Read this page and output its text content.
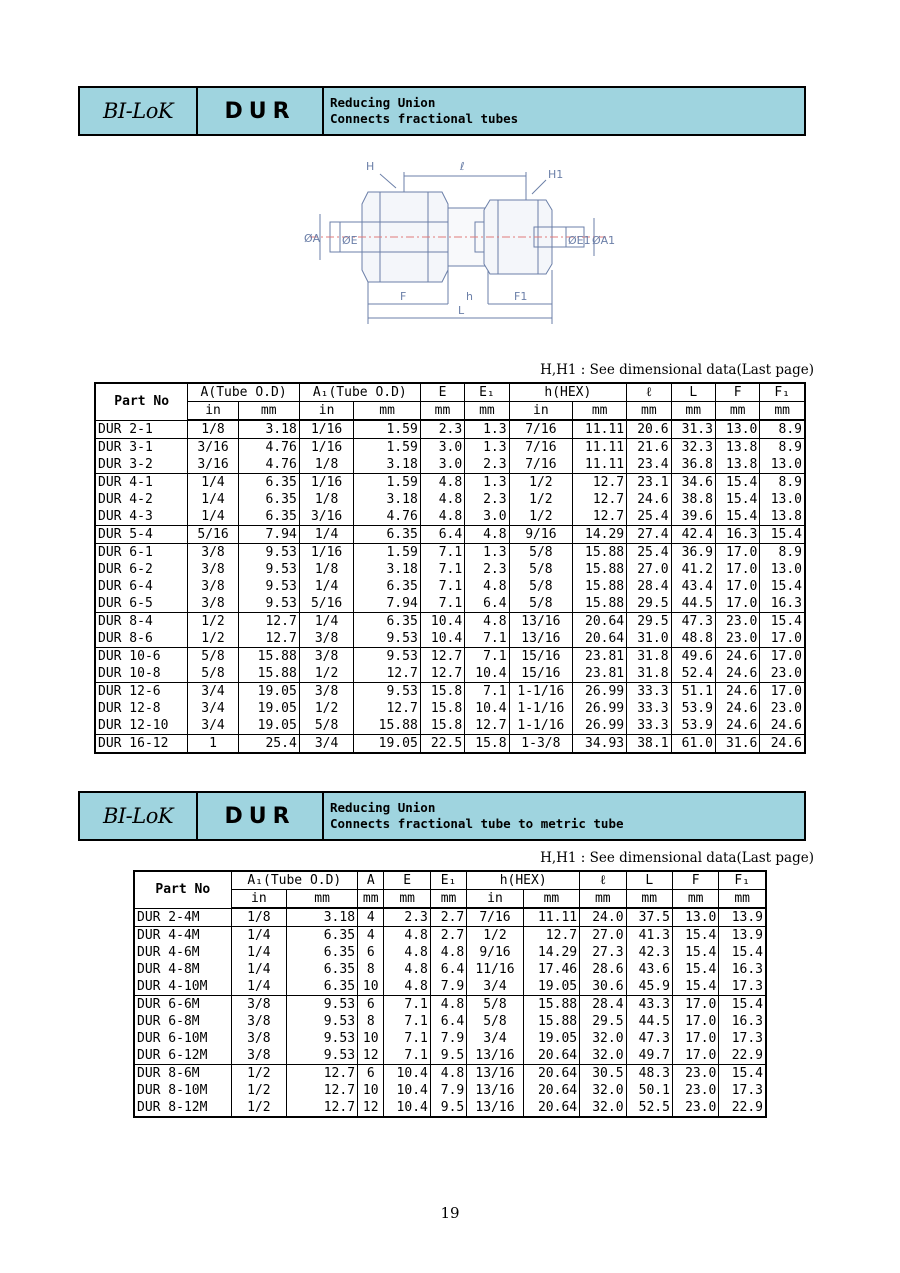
BI-LoK	DUR	Reducing Union
Connects fractional tubes
H	ℓ
H1
ØA ØE	ØE1 ØA1
F	h	F1
L
H,H1 : See dimensional data(Last page)
Part No	A(Tube O.D)		A₁(Tube O.D)		E	E₁	h(HEX)		ℓ	L	F	F₁
	in	mm	in	mm	mm	mm	in	mm	mm	mm	mm	mm
DUR 2-1	1/8	3.18	1/16	1.59	2.3	1.3	7/16	11.11	20.6	31.3	13.0	8.9
DUR 3-1	3/16	4.76	1/16	1.59	3.0	1.3	7/16	11.11	21.6	32.3	13.8	8.9
DUR 3-2	3/16	4.76	1/8	3.18	3.0	2.3	7/16	11.11	23.4	36.8	13.8	13.0
DUR 4-1	1/4	6.35	1/16	1.59	4.8	1.3	1/2	12.7	23.1	34.6	15.4	8.9
DUR 4-2	1/4	6.35	1/8	3.18	4.8	2.3	1/2	12.7	24.6	38.8	15.4	13.0
DUR 4-3	1/4	6.35	3/16	4.76	4.8	3.0	1/2	12.7	25.4	39.6	15.4	13.8
DUR 5-4	5/16	7.94	1/4	6.35	6.4	4.8	9/16	14.29	27.4	42.4	16.3	15.4
DUR 6-1	3/8	9.53	1/16	1.59	7.1	1.3	5/8	15.88	25.4	36.9	17.0	8.9
DUR 6-2	3/8	9.53	1/8	3.18	7.1	2.3	5/8	15.88	27.0	41.2	17.0	13.0
DUR 6-4	3/8	9.53	1/4	6.35	7.1	4.8	5/8	15.88	28.4	43.4	17.0	15.4
DUR 6-5	3/8	9.53	5/16	7.94	7.1	6.4	5/8	15.88	29.5	44.5	17.0	16.3
DUR 8-4	1/2	12.7	1/4	6.35	10.4	4.8	13/16	20.64	29.5	47.3	23.0	15.4
DUR 8-6	1/2	12.7	3/8	9.53	10.4	7.1	13/16	20.64	31.0	48.8	23.0	17.0
DUR 10-6	5/8	15.88	3/8	9.53	12.7	7.1	15/16	23.81	31.8	49.6	24.6	17.0
DUR 10-8	5/8	15.88	1/2	12.7	12.7	10.4	15/16	23.81	31.8	52.4	24.6	23.0
DUR 12-6	3/4	19.05	3/8	9.53	15.8	7.1	1-1/16	26.99	33.3	51.1	24.6	17.0
DUR 12-8	3/4	19.05	1/2	12.7	15.8	10.4	1-1/16	26.99	33.3	53.9	24.6	23.0
DUR 12-10	3/4	19.05	5/8	15.88	15.8	12.7	1-1/16	26.99	33.3	53.9	24.6	24.6
DUR 16-12	1	25.4	3/4	19.05	22.5	15.8	1-3/8	34.93	38.1	61.0	31.6	24.6
BI-LoK	DUR	Reducing Union
Connects fractional tube to metric tube
H,H1 : See dimensional data(Last page)
Part No	A₁(Tube O.D)		A	E	E₁	h(HEX)		ℓ	L	F	F₁
	in	mm	mm	mm	mm	in	mm	mm	mm	mm	mm
DUR 2-4M	1/8	3.18	4	2.3	2.7	7/16	11.11	24.0	37.5	13.0	13.9
DUR 4-4M	1/4	6.35	4	4.8	2.7	1/2	12.7	27.0	41.3	15.4	13.9
DUR 4-6M	1/4	6.35	6	4.8	4.8	9/16	14.29	27.3	42.3	15.4	15.4
DUR 4-8M	1/4	6.35	8	4.8	6.4	11/16	17.46	28.6	43.6	15.4	16.3
DUR 4-10M	1/4	6.35	10	4.8	7.9	3/4	19.05	30.6	45.9	15.4	17.3
DUR 6-6M	3/8	9.53	6	7.1	4.8	5/8	15.88	28.4	43.3	17.0	15.4
DUR 6-8M	3/8	9.53	8	7.1	6.4	5/8	15.88	29.5	44.5	17.0	16.3
DUR 6-10M	3/8	9.53	10	7.1	7.9	3/4	19.05	32.0	47.3	17.0	17.3
DUR 6-12M	3/8	9.53	12	7.1	9.5	13/16	20.64	32.0	49.7	17.0	22.9
DUR 8-6M	1/2	12.7	6	10.4	4.8	13/16	20.64	30.5	48.3	23.0	15.4
DUR 8-10M	1/2	12.7	10	10.4	7.9	13/16	20.64	32.0	50.1	23.0	17.3
DUR 8-12M	1/2	12.7	12	10.4	9.5	13/16	20.64	32.0	52.5	23.0	22.9
19
